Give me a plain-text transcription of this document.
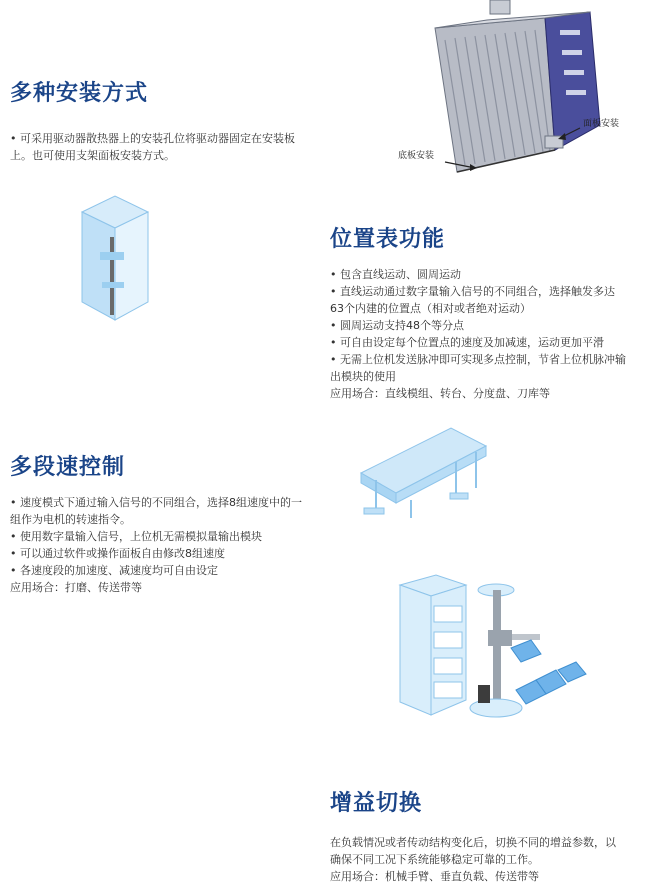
多种安装方式
• 可采用驱动器散热器上的安装孔位将驱动器固定在安装板
上。也可使用支架面板安装方式。
面板安装
底板安装
位置表功能
• 包含直线运动、圆周运动
• 直线运动通过数字量输入信号的不同组合，选择触发多达
63个内建的位置点（相对或者绝对运动）
• 圆周运动支持48个等分点
• 可自由设定每个位置点的速度及加减速，运动更加平滑
• 无需上位机发送脉冲即可实现多点控制，节省上位机脉冲输
出模块的使用
应用场合：直线模组、转台、分度盘、刀库等
多段速控制
• 速度模式下通过输入信号的不同组合，选择8组速度中的一
组作为电机的转速指令。
• 使用数字量输入信号，上位机无需模拟量输出模块
• 可以通过软件或操作面板自由修改8组速度
• 各速度段的加速度、减速度均可自由设定
应用场合：打磨、传送带等
增益切换
在负载情况或者传动结构变化后，切换不同的增益参数，以
确保不同工况下系统能够稳定可靠的工作。
应用场合：机械手臂、垂直负载、传送带等
